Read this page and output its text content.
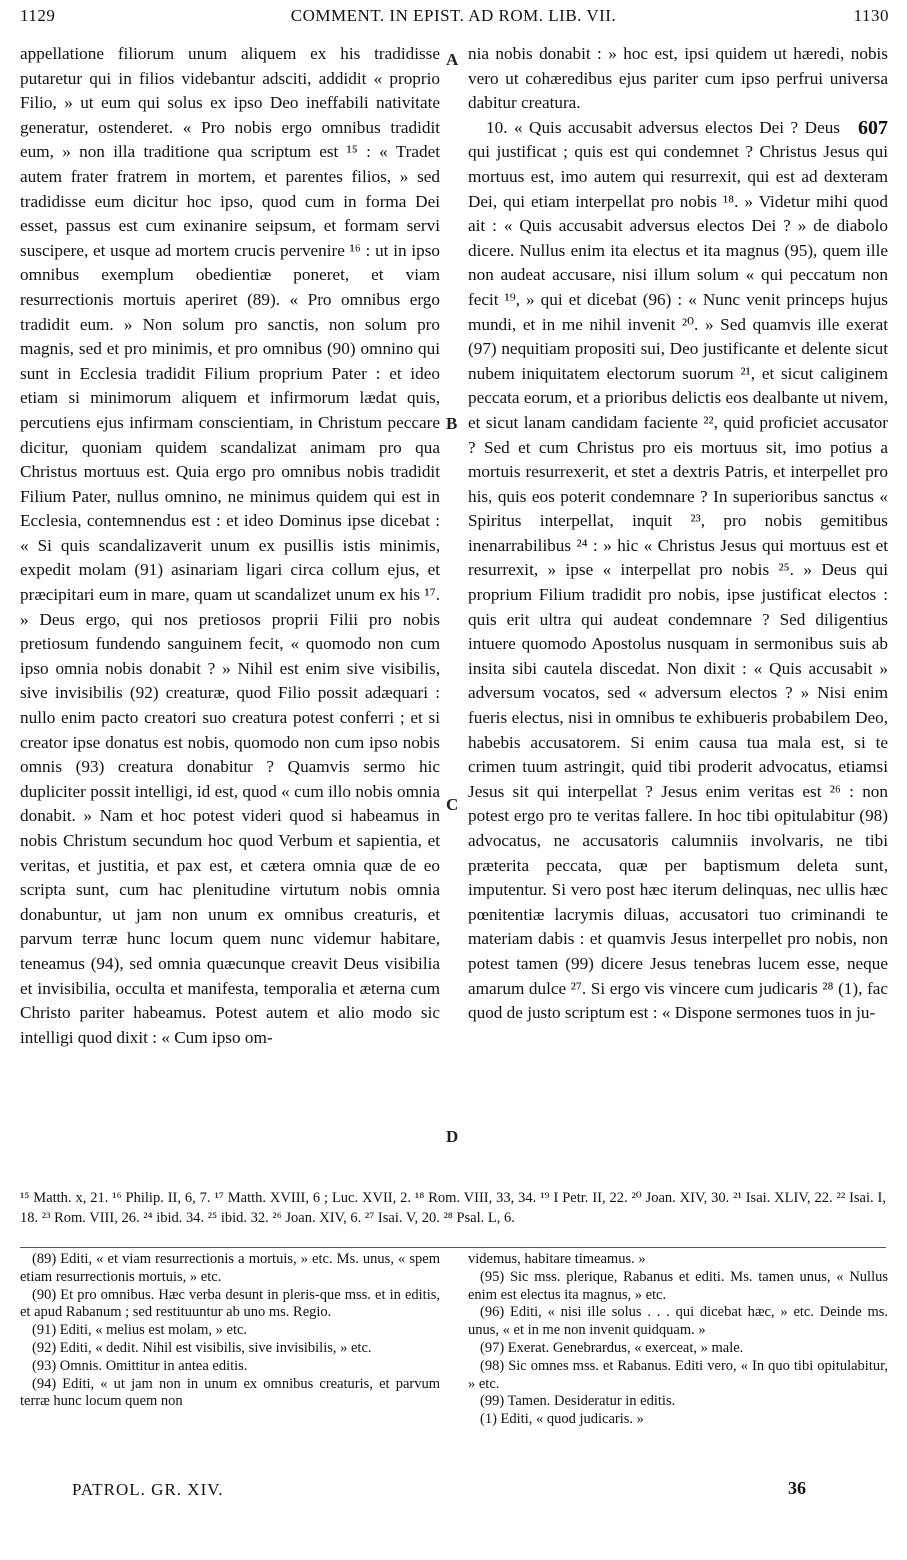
1129	COMMENT. IN EPIST. AD ROM. LIB. VII.	1130

appellatione filiorum unum aliquem ex his tradidisse putaretur qui in filios videbantur adsciti, addidit « proprio Filio, » ut eum qui solus ex ipso Deo ineffabili nativitate generatur, ostenderet. « Pro nobis ergo omnibus tradidit eum, » non illa traditione qua scriptum est ¹⁵ : « Tradet autem frater fratrem in mortem, et parentes filios, » sed tradidisse eum dicitur hoc ipso, quod cum in forma Dei esset, passus est cum exinanire seipsum, et formam servi suscipere, et usque ad mortem crucis pervenire ¹⁶ : ut in ipso omnibus exemplum obedientiæ poneret, et viam resurrectionis mortuis aperiret (89). « Pro omnibus ergo tradidit eum. » Non solum pro sanctis, non solum pro magnis, sed et pro minimis, et pro omnibus (90) omnino qui sunt in Ecclesia tradidit Filium proprium Pater : et ideo etiam si minimorum aliquem et infirmorum lædat quis, percutiens ejus infirmam conscientiam, in Christum peccare dicitur, quoniam quidem scandalizat animam pro qua Christus mortuus est. Quia ergo pro omnibus nobis tradidit Filium Pater, nullus omnino, ne minimus quidem qui est in Ecclesia, contemnendus est : et ideo Dominus ipse dicebat : « Si quis scandalizaverit unum ex pusillis istis minimis, expedit molam (91) asinariam ligari circa collum ejus, et præcipitari eum in mare, quam ut scandalizet unum ex his ¹⁷. » Deus ergo, qui nos pretiosos proprii Filii pro nobis pretiosum fundendo sanguinem fecit, « quomodo non cum ipso omnia nobis donabit ? » Nihil est enim sive visibilis, sive invisibilis (92) creaturæ, quod Filio possit adæquari : nullo enim pacto creatori suo creatura potest conferri ; et si creator ipse donatus est nobis, quomodo non cum ipso nobis omnis (93) creatura donabitur ? Quamvis sermo hic dupliciter possit intelligi, id est, quod « cum illo nobis omnia donabit. » Nam et hoc potest videri quod si habeamus in nobis Christum secundum hoc quod Verbum et sapientia, et veritas, et justitia, et pax est, et cætera omnia quæ de eo scripta sunt, cum hac plenitudine virtutum nobis omnia donabuntur, ut jam non unum ex omnibus creaturis, et parvum terræ hunc locum quem nunc videmur habitare, teneamus (94), sed omnia quæcunque creavit Deus visibilia et invisibilia, occulta et manifesta, temporalia et æterna cum Christo pariter habeamus. Potest autem et alio modo sic intelligi quod dixit : « Cum ipso om-

A
B
C
D

nia nobis donabit : » hoc est, ipsi quidem ut hæredi, nobis vero ut cohæredibus ejus pariter cum ipso perfrui universa dabitur creatura.

607
10. « Quis accusabit adversus electos Dei ? Deus qui justificat ; quis est qui condemnet ? Christus Jesus qui mortuus est, imo autem qui resurrexit, qui est ad dexteram Dei, qui etiam interpellat pro nobis ¹⁸. » Videtur mihi quod ait : « Quis accusabit adversus electos Dei ? » de diabolo dicere. Nullus enim ita electus et ita magnus (95), quem ille non audeat accusare, nisi illum solum « qui peccatum non fecit ¹⁹, » qui et dicebat (96) : « Nunc venit princeps hujus mundi, et in me nihil invenit ²⁰. » Sed quamvis ille exerat (97) nequitiam propositi sui, Deo justificante et delente sicut nubem iniquitatem electorum suorum ²¹, et sicut caliginem peccata eorum, et a prioribus delictis eos dealbante ut nivem, et sicut lanam candidam faciente ²², quid proficiet accusator ? Sed et cum Christus pro eis mortuus sit, imo potius a mortuis resurrexerit, et stet a dextris Patris, et interpellet pro his, quis eos poterit condemnare ? In superioribus sanctus « Spiritus interpellat, inquit ²³, pro nobis gemitibus inenarrabilibus ²⁴ : » hic « Christus Jesus qui mortuus est et resurrexit, » ipse « interpellat pro nobis ²⁵. » Deus qui proprium Filium tradidit pro nobis, ipse justificat electos : quis erit ultra qui audeat condemnare ? Sed diligentius intuere quomodo Apostolus nusquam in sermonibus suis ab insita sibi cautela discedat. Non dixit : « Quis accusabit » adversum vocatos, sed « adversum electos ? » Nisi enim fueris electus, nisi in omnibus te exhibueris probabilem Deo, habebis accusatorem. Si enim causa tua mala est, si te crimen tuum astringit, quid tibi proderit advocatus, etiamsi Jesus sit qui interpellat ? Jesus enim veritas est ²⁶ : non potest ergo pro te veritas fallere. In hoc tibi opitulabitur (98) advocatus, ne accusatoris calumniis involvaris, ne tibi præterita peccata, quæ per baptismum deleta sunt, imputentur. Si vero post hæc iterum delinquas, nec ullis hæc pœnitentiæ lacrymis diluas, accusatori tuo criminandi te materiam dabis : et quamvis Jesus interpellet pro nobis, non potest tamen (99) dicere Jesus tenebras lucem esse, neque amarum dulce ²⁷. Si ergo vis vincere cum judicaris ²⁸ (1), fac quod de justo scriptum est : « Dispone sermones tuos in ju-

¹⁵ Matth. x, 21. ¹⁶ Philip. II, 6, 7. ¹⁷ Matth. XVIII, 6 ; Luc. XVII, 2. ¹⁸ Rom. VIII, 33, 34. ¹⁹ I Petr. II, 22. ²⁰ Joan. XIV, 30. ²¹ Isai. XLIV, 22. ²² Isai. I, 18. ²³ Rom. VIII, 26. ²⁴ ibid. 34. ²⁵ ibid. 32. ²⁶ Joan. XIV, 6. ²⁷ Isai. V, 20. ²⁸ Psal. L, 6.

(89) Editi, « et viam resurrectionis a mortuis, » etc. Ms. unus, « spem etiam resurrectionis mortuis, » etc.

(90) Et pro omnibus. Hæc verba desunt in pleris-que mss. et in editis, et apud Rabanum ; sed restituuntur ab uno ms. Regio.

(91) Editi, « melius est molam, » etc.

(92) Editi, « dedit. Nihil est visibilis, sive invisibilis, » etc.

(93) Omnis. Omittitur in antea editis.

(94) Editi, « ut jam non in unum ex omnibus creaturis, et parvum terræ hunc locum quem non

videmus, habitare timeamus. »

(95) Sic mss. plerique, Rabanus et editi. Ms. tamen unus, « Nullus enim est electus ita magnus, » etc.

(96) Editi, « nisi ille solus . . . qui dicebat hæc, » etc. Deinde ms. unus, « et in me non invenit quidquam. »

(97) Exerat. Genebrardus, « exerceat, » male.

(98) Sic omnes mss. et Rabanus. Editi vero, « In quo tibi opitulabitur, » etc.

(99) Tamen. Desideratur in editis.

(1) Editi, « quod judicaris. »

PATROL. GR. XIV.	36
